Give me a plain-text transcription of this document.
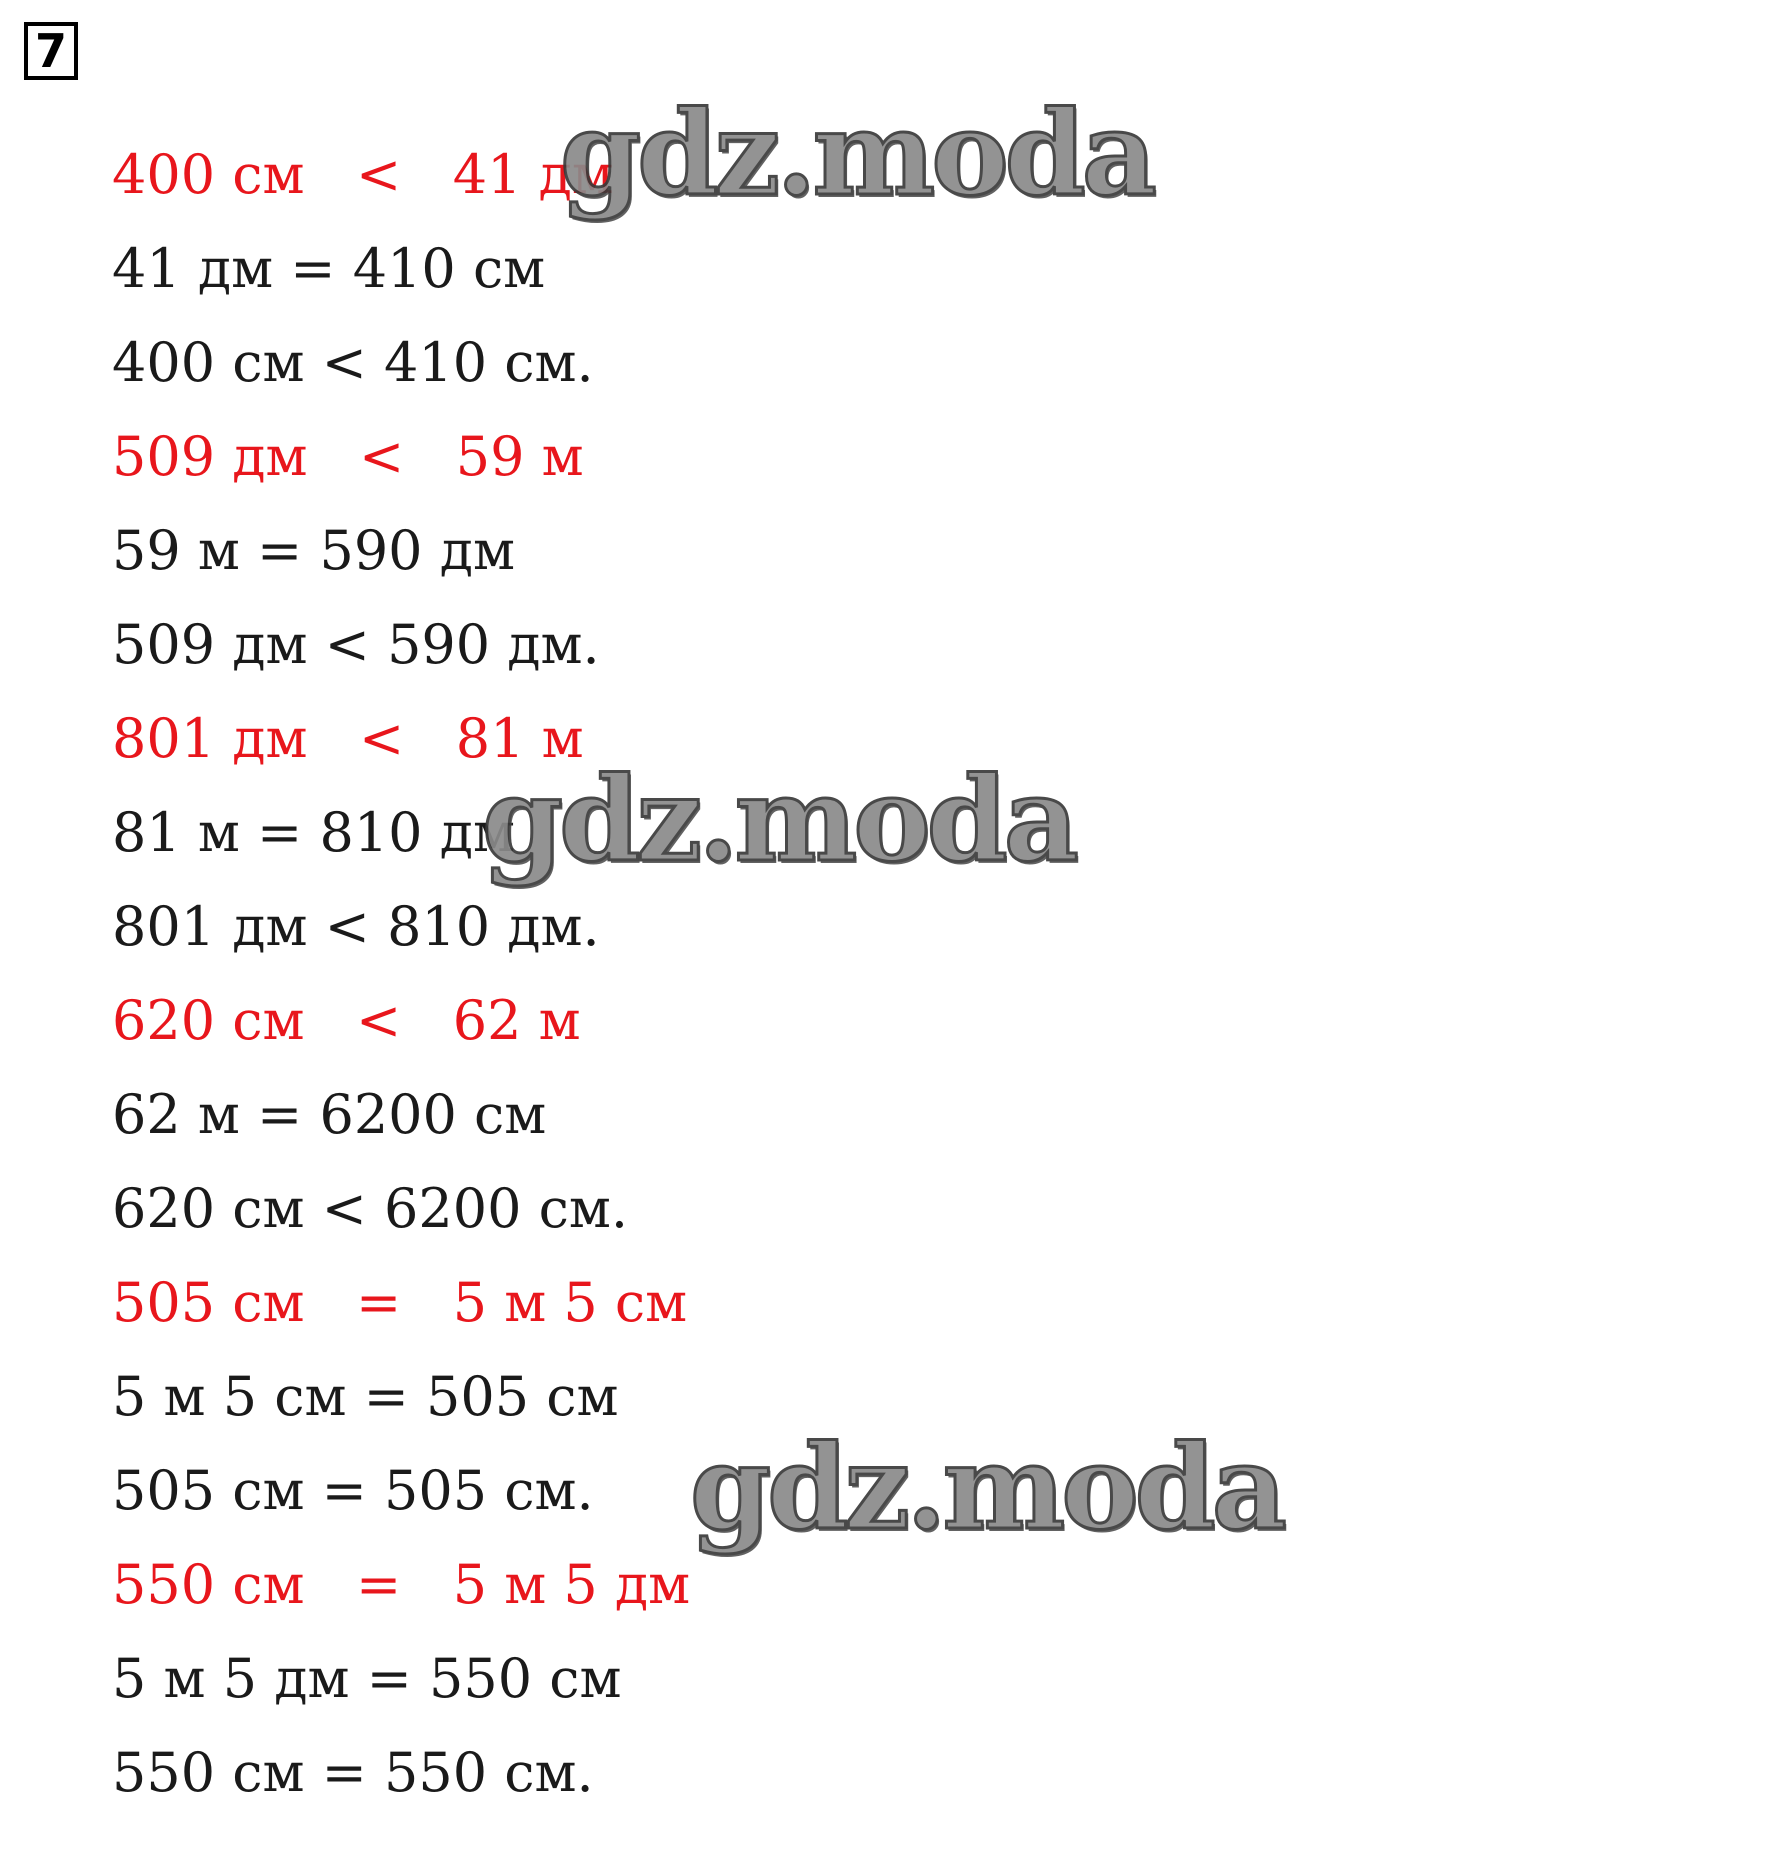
7
400 см   <   41 дм
41 дм = 410 см
400 см < 410 см.
509 дм   <   59 м
59 м = 590 дм
509 дм < 590 дм.
801 дм   <   81 м
81 м = 810 дм
801 дм < 810 дм.
620 см   <   62 м
62 м = 6200 см
620 см < 6200 см.
505 см   =   5 м 5 см
5 м 5 см = 505 см
505 см = 505 см.
550 см   =   5 м 5 дм
5 м 5 дм = 550 см
550 см = 550 см.
gdz.moda
gdz.moda
gdz.moda
